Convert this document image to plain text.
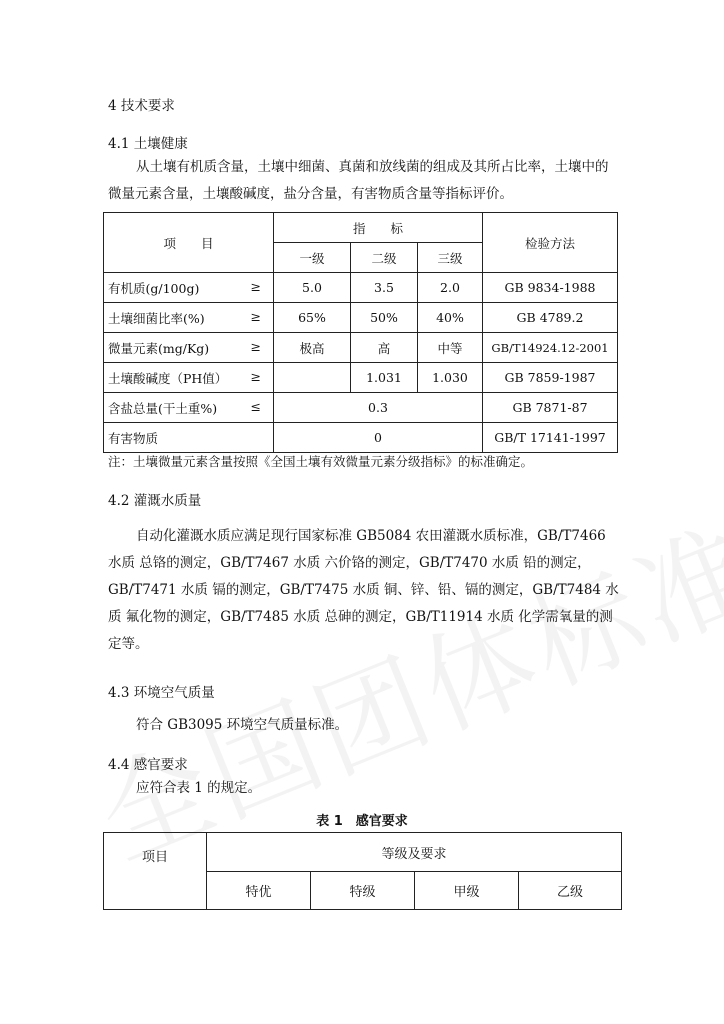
4 技术要求
4.1 土壤健康
从土壤有机质含量，土壤中细菌、真菌和放线菌的组成及其所占比率，土壤中的微量元素含量，土壤酸碱度，盐分含量，有害物质含量等指标评价。
项　　目	指　　标			检验方法
	一级	二级	三级	

有机质(g/100g) ≥	5.0	3.5	2.0	GB 9834-1988

土壤细菌比率(%) ≥	65%	50%	40%	GB 4789.2

微量元素(mg/Kg) ≥	极高	高	中等	GB/T14924.12-2001

土壤酸碱度（PH值） ≥		1.031	1.030	GB 7859-1987

含盐总量(干土重%) ≤	0.3			GB 7871-87

有害物质	0			GB/T 17141-1997
注：土壤微量元素含量按照《全国土壤有效微量元素分级指标》的标准确定。
4.2 灌溉水质量
自动化灌溉水质应满足现行国家标准 GB5084 农田灌溉水质标准，GB/T7466 水质 总铬的测定，GB/T7467 水质 六价铬的测定，GB/T7470 水质 铅的测定，GB/T7471 水质 镉的测定，GB/T7475 水质 铜、锌、铅、镉的测定，GB/T7484 水质 氟化物的测定，GB/T7485 水质 总砷的测定，GB/T11914 水质 化学需氧量的测定等。
4.3 环境空气质量
符合 GB3095 环境空气质量标准。
4.4 感官要求
应符合表 1 的规定。
表 1　感官要求
项目	等级及要求			
	特优	特级	甲级	乙级
